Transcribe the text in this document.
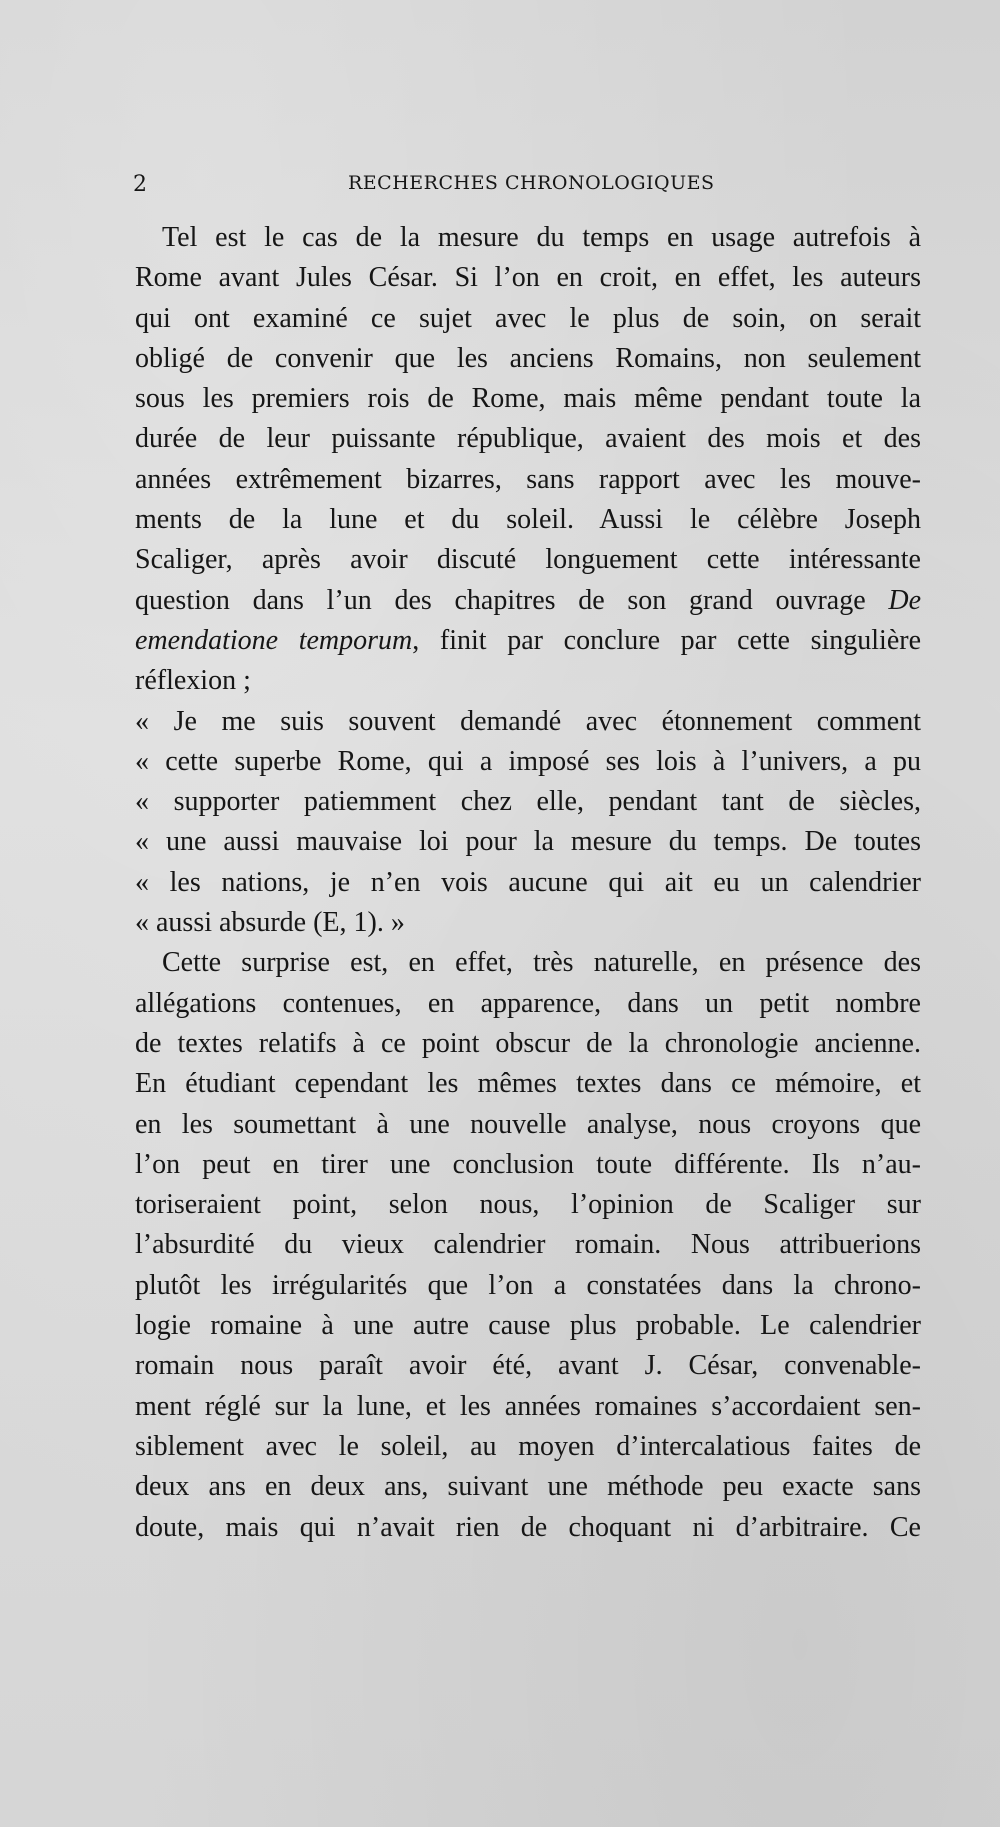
2	RECHERCHES CHRONOLOGIQUES
Tel est le cas de la mesure du temps en usage autrefois à
Rome avant Jules César. Si l’on en croit, en effet, les auteurs
qui ont examiné ce sujet avec le plus de soin, on serait
obligé de convenir que les anciens Romains, non seulement
sous les premiers rois de Rome, mais même pendant toute la
durée de leur puissante république, avaient des mois et des
années extrêmement bizarres, sans rapport avec les mouve-
ments de la lune et du soleil. Aussi le célèbre Joseph
Scaliger, après avoir discuté longuement cette intéressante
question dans l’un des chapitres de son grand ouvrage De
emendatione temporum, finit par conclure par cette singulière
réflexion ;
« Je me suis souvent demandé avec étonnement comment
« cette superbe Rome, qui a imposé ses lois à l’univers, a pu
« supporter patiemment chez elle, pendant tant de siècles,
« une aussi mauvaise loi pour la mesure du temps. De toutes
« les nations, je n’en vois aucune qui ait eu un calendrier
« aussi absurde (E, 1). »
Cette surprise est, en effet, très naturelle, en présence des
allégations contenues, en apparence, dans un petit nombre
de textes relatifs à ce point obscur de la chronologie ancienne.
En étudiant cependant les mêmes textes dans ce mémoire, et
en les soumettant à une nouvelle analyse, nous croyons que
l’on peut en tirer une conclusion toute différente. Ils n’au-
toriseraient point, selon nous, l’opinion de Scaliger sur
l’absurdité du vieux calendrier romain. Nous attribuerions
plutôt les irrégularités que l’on a constatées dans la chrono-
logie romaine à une autre cause plus probable. Le calendrier
romain nous paraît avoir été, avant J. César, convenable-
ment réglé sur la lune, et les années romaines s’accordaient sen-
siblement avec le soleil, au moyen d’intercalatious faites de
deux ans en deux ans, suivant une méthode peu exacte sans
doute, mais qui n’avait rien de choquant ni d’arbitraire. Ce
